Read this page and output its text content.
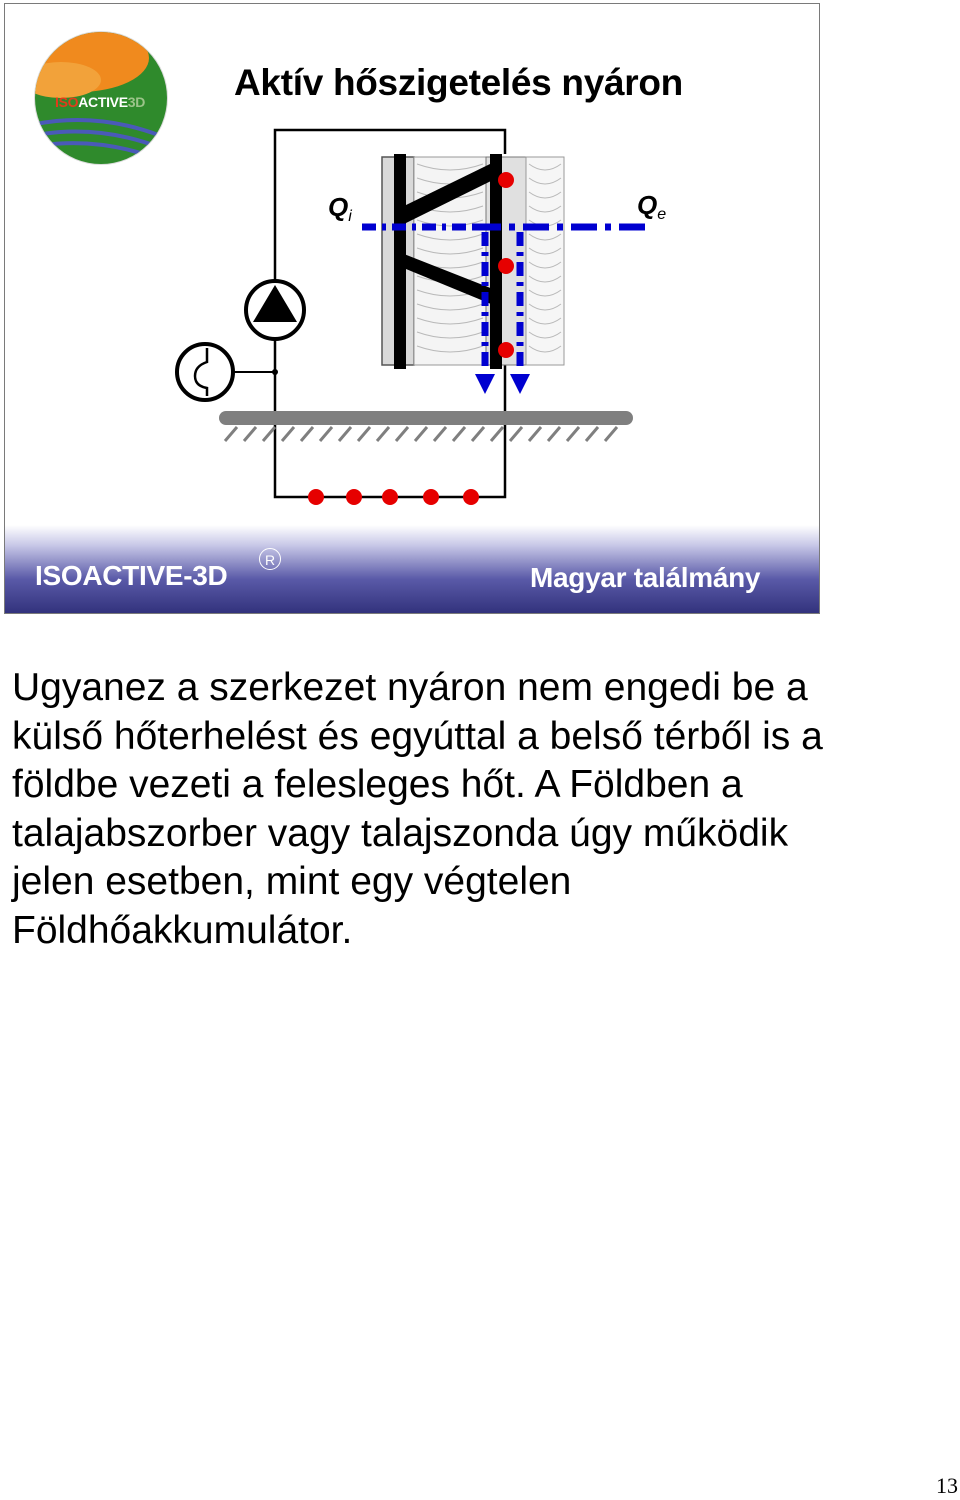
ISOACTIVE3D Aktív hőszigetelés nyáron
$Q_i$	$Q_e$
ISOACTIVE-3D	R
Magyar találmány

Ugyanez a szerkezet nyáron nem engedi be a külső hőterhelést és egyúttal a belső térből is a földbe vezeti a felesleges hőt. A Földben a talajabszorber vagy talajszonda úgy működik jelen esetben, mint egy végtelen Földhőakkumulátor.

13
